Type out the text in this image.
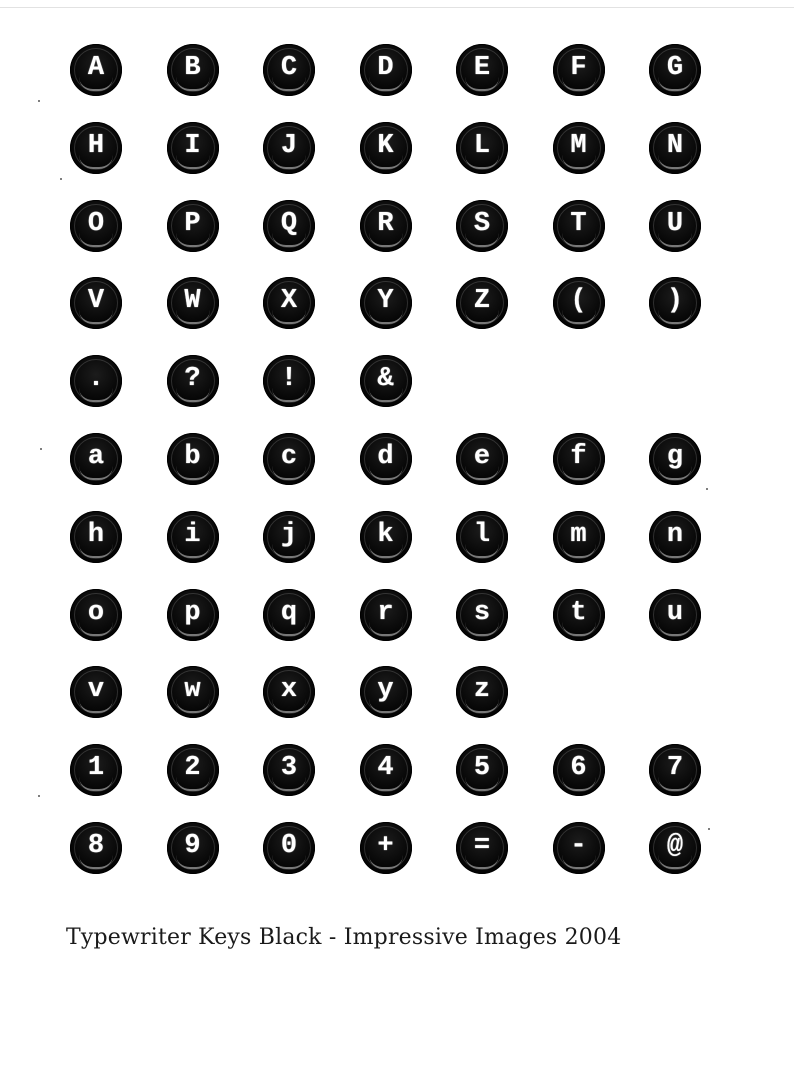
A	B	C	D	E	F	G
H	I	J	K	L	M	N
O	P	Q	R	S	T	U
V	W	X	Y	Z	(	)
.	?	!	&
a	b	c	d	e	f	g
h	i	j	k	l	m	n
o	p	q	r	s	t	u
v	w	x	y	z
1	2	3	4	5	6	7
8	9	0	+	=	-	@
Typewriter Keys Black - Impressive Images 2004
